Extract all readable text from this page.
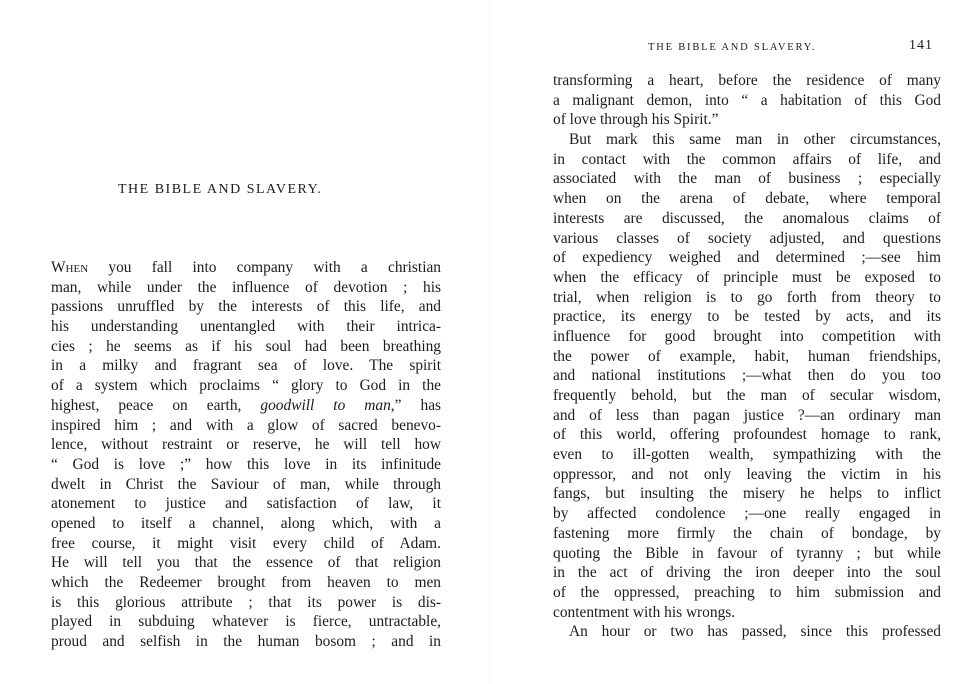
THE BIBLE AND SLAVERY.
When you fall into company with a christian
man, while under the influence of devotion ; his
passions unruffled by the interests of this life, and
his understanding unentangled with their intrica-
cies ; he seems as if his soul had been breathing
in a milky and fragrant sea of love. The spirit
of a system which proclaims “ glory to God in the
highest, peace on earth, goodwill to man,” has
inspired him ; and with a glow of sacred benevo-
lence, without restraint or reserve, he will tell how
“ God is love ;” how this love in its infinitude
dwelt in Christ the Saviour of man, while through
atonement to justice and satisfaction of law, it
opened to itself a channel, along which, with a
free course, it might visit every child of Adam.
He will tell you that the essence of that religion
which the Redeemer brought from heaven to men
is this glorious attribute ; that its power is dis-
played in subduing whatever is fierce, untractable,
proud and selfish in the human bosom ; and in
THE BIBLE AND SLAVERY.	141
transforming a heart, before the residence of many
a malignant demon, into “ a habitation of this God
of love through his Spirit.”
But mark this same man in other circumstances,
in contact with the common affairs of life, and
associated with the man of business ; especially
when on the arena of debate, where temporal
interests are discussed, the anomalous claims of
various classes of society adjusted, and questions
of expediency weighed and determined ;—see him
when the efficacy of principle must be exposed to
trial, when religion is to go forth from theory to
practice, its energy to be tested by acts, and its
influence for good brought into competition with
the power of example, habit, human friendships,
and national institutions ;—what then do you too
frequently behold, but the man of secular wisdom,
and of less than pagan justice ?—an ordinary man
of this world, offering profoundest homage to rank,
even to ill-gotten wealth, sympathizing with the
oppressor, and not only leaving the victim in his
fangs, but insulting the misery he helps to inflict
by affected condolence ;—one really engaged in
fastening more firmly the chain of bondage, by
quoting the Bible in favour of tyranny ; but while
in the act of driving the iron deeper into the soul
of the oppressed, preaching to him submission and
contentment with his wrongs.
An hour or two has passed, since this professed
